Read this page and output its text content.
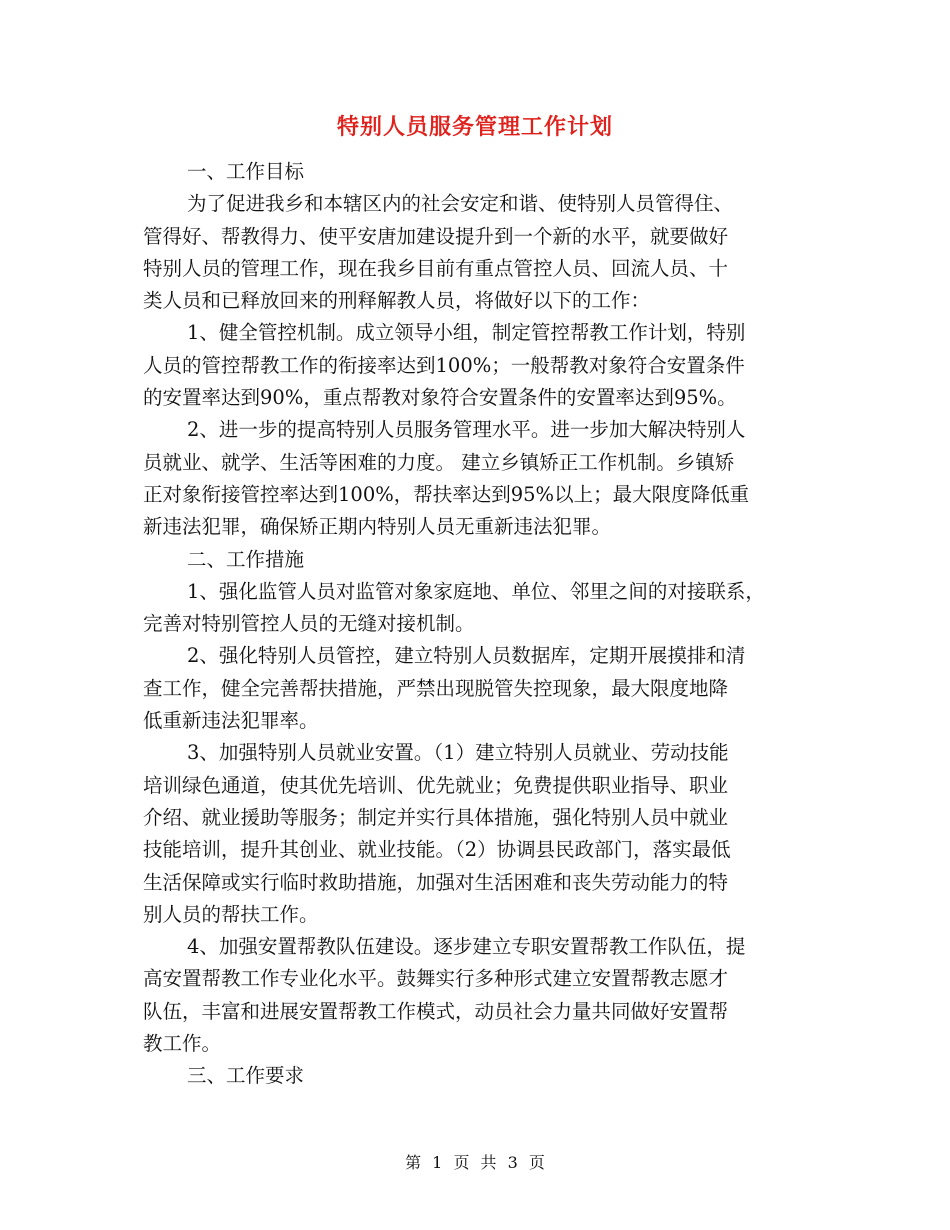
特别人员服务管理工作计划
一、工作目标
为了促进我乡和本辖区内的社会安定和谐、使特别人员管得住、
管得好、帮教得力、使平安唐加建设提升到一个新的水平，就要做好
特别人员的管理工作，现在我乡目前有重点管控人员、回流人员、十
类人员和已释放回来的刑释解教人员，将做好以下的工作：
1、健全管控机制。成立领导小组，制定管控帮教工作计划，特别
人员的管控帮教工作的衔接率达到100%；一般帮教对象符合安置条件
的安置率达到90%，重点帮教对象符合安置条件的安置率达到95%。
2、进一步的提高特别人员服务管理水平。进一步加大解决特别人
员就业、就学、生活等困难的力度。 建立乡镇矫正工作机制。乡镇矫
正对象衔接管控率达到100%，帮扶率达到95%以上；最大限度降低重
新违法犯罪，确保矫正期内特别人员无重新违法犯罪。
二、工作措施
1、强化监管人员对监管对象家庭地、单位、邻里之间的对接联系，
完善对特别管控人员的无缝对接机制。
2、强化特别人员管控，建立特别人员数据库，定期开展摸排和清
查工作，健全完善帮扶措施，严禁出现脱管失控现象，最大限度地降
低重新违法犯罪率。
3、加强特别人员就业安置。（1）建立特别人员就业、劳动技能
培训绿色通道，使其优先培训、优先就业；免费提供职业指导、职业
介绍、就业援助等服务；制定并实行具体措施，强化特别人员中就业
技能培训，提升其创业、就业技能。（2）协调县民政部门，落实最低
生活保障或实行临时救助措施，加强对生活困难和丧失劳动能力的特
别人员的帮扶工作。
4、加强安置帮教队伍建设。逐步建立专职安置帮教工作队伍，提
高安置帮教工作专业化水平。鼓舞实行多种形式建立安置帮教志愿才
队伍，丰富和进展安置帮教工作模式，动员社会力量共同做好安置帮
教工作。
三、工作要求
第 1 页 共 3 页
